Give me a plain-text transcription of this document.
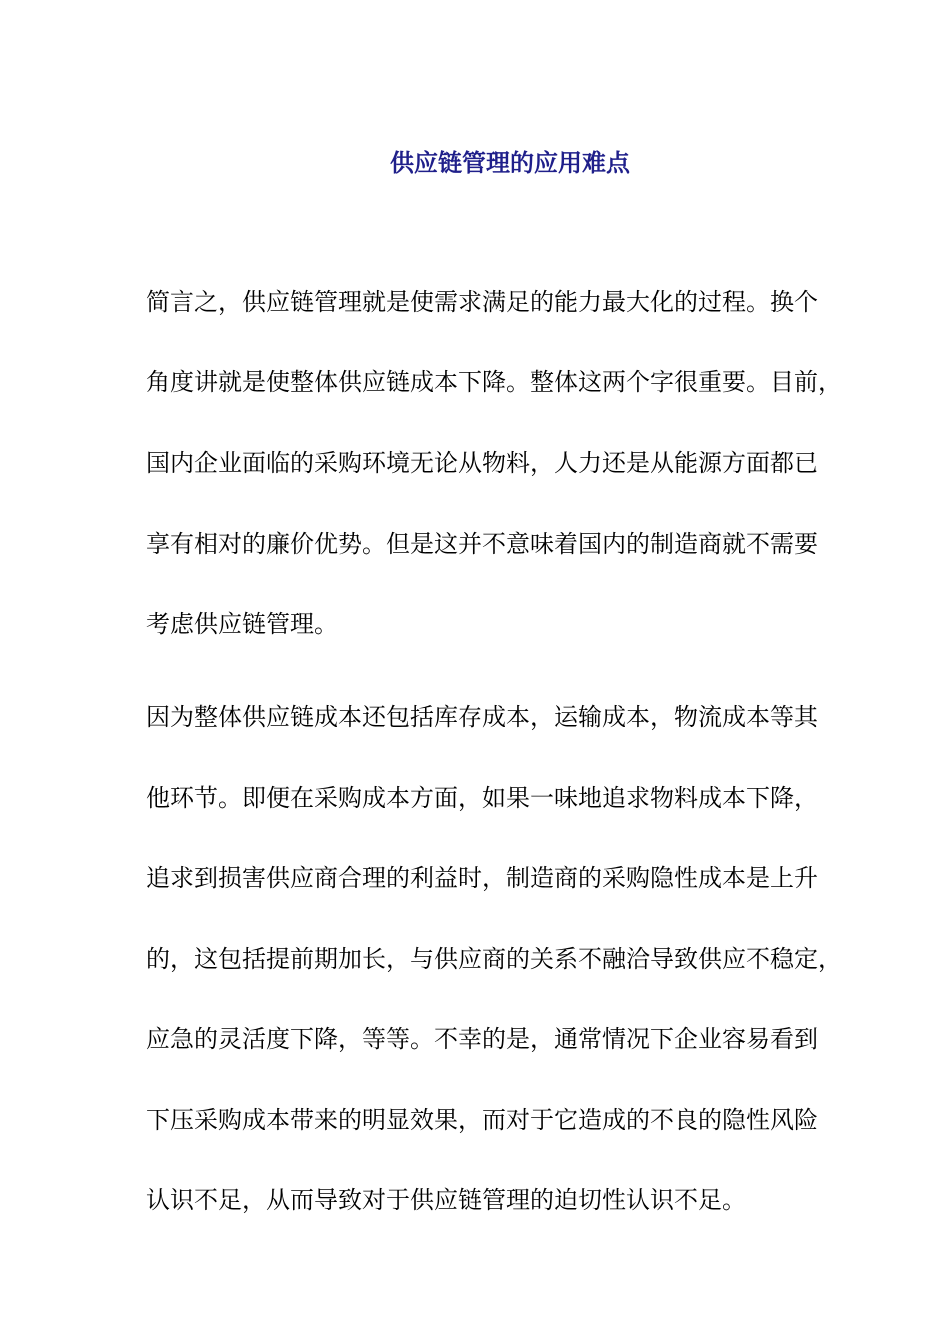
供应链管理的应用难点
简言之，供应链管理就是使需求满足的能力最大化的过程。换个
角度讲就是使整体供应链成本下降。整体这两个字很重要。目前，
国内企业面临的采购环境无论从物料，人力还是从能源方面都已
享有相对的廉价优势。但是这并不意味着国内的制造商就不需要
考虑供应链管理。
因为整体供应链成本还包括库存成本，运输成本，物流成本等其
他环节。即便在采购成本方面，如果一味地追求物料成本下降，
追求到损害供应商合理的利益时，制造商的采购隐性成本是上升
的，这包括提前期加长，与供应商的关系不融洽导致供应不稳定，
应急的灵活度下降，等等。不幸的是，通常情况下企业容易看到
下压采购成本带来的明显效果，而对于它造成的不良的隐性风险
认识不足，从而导致对于供应链管理的迫切性认识不足。
